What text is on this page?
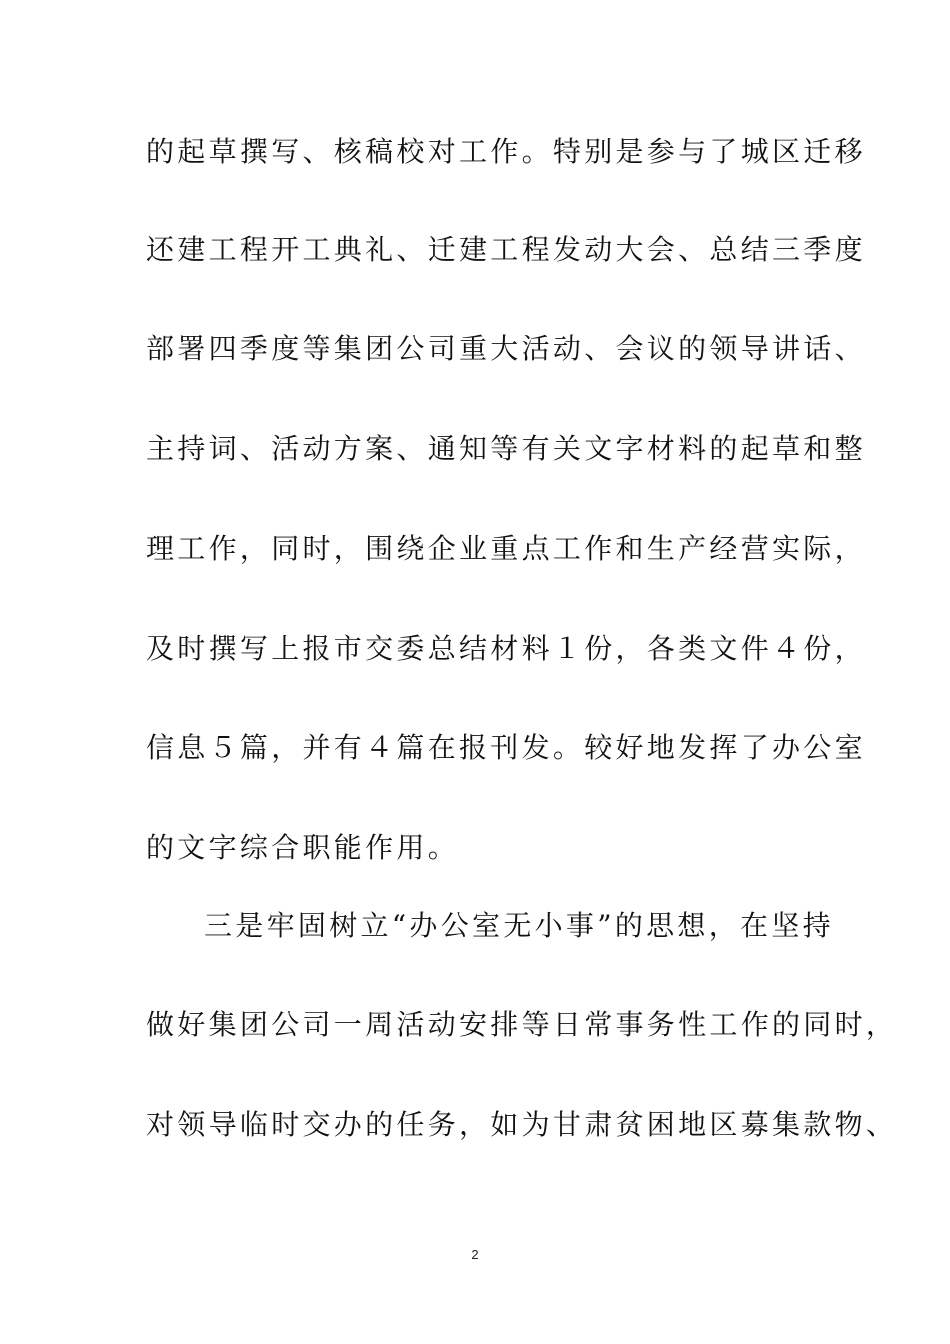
的起草撰写、核稿校对工作。特别是参与了城区迁移
还建工程开工典礼、迁建工程发动大会、总结三季度
部署四季度等集团公司重大活动、会议的领导讲话、
主持词、活动方案、通知等有关文字材料的起草和整
理工作，同时，围绕企业重点工作和生产经营实际，
及时撰写上报市交委总结材料１份，各类文件４份，
信息５篇，并有４篇在报刊发。较好地发挥了办公室
的文字综合职能作用。
三是牢固树立“办公室无小事”的思想，在坚持
做好集团公司一周活动安排等日常事务性工作的同时，
对领导临时交办的任务，如为甘肃贫困地区募集款物、
2
